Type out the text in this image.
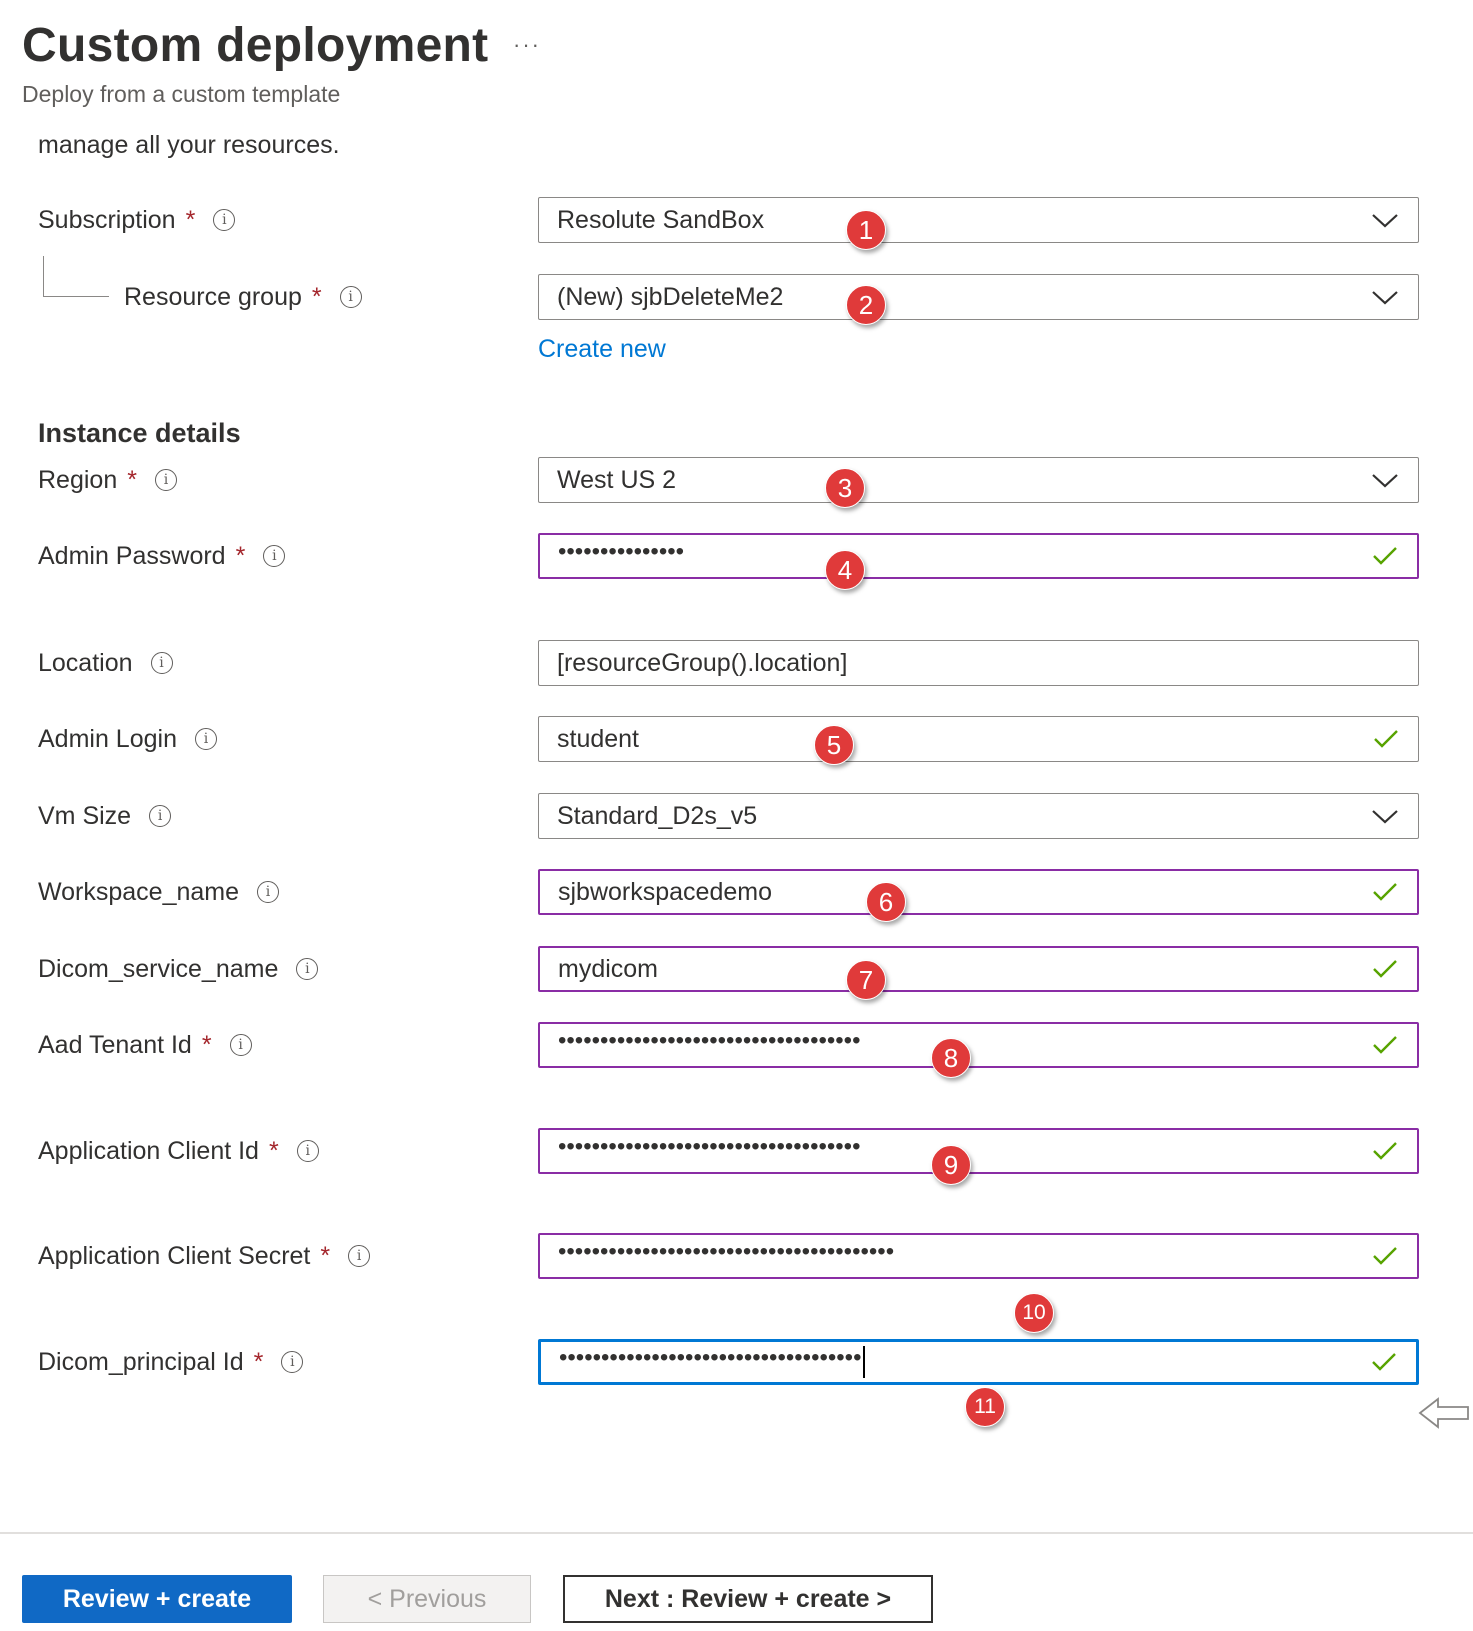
Custom deployment ···
Deploy from a custom template
manage all your resources.
Subscription *	i	Resolute SandBox
Resource group *	i	(New) sjbDeleteMe2
Create new
Instance details
Region *	i	West US 2
Admin Password *	i	•••••••••••••••
Location	i	[resourceGroup().location]
Admin Login	i	student
Vm Size	i	Standard_D2s_v5
Workspace_name	i	sjbworkspacedemo
Dicom_service_name	i	mydicom
Aad Tenant Id *	i	••••••••••••••••••••••••••••••••••••
Application Client Id *	i	••••••••••••••••••••••••••••••••••••
Application Client Secret *	i	••••••••••••••••••••••••••••••••••••••••
Dicom_principal Id *	i	••••••••••••••••••••••••••••••••••••
1
2
3
4
5
6
7
8
9
10
11
Review + create	< Previous	Next : Review + create >
